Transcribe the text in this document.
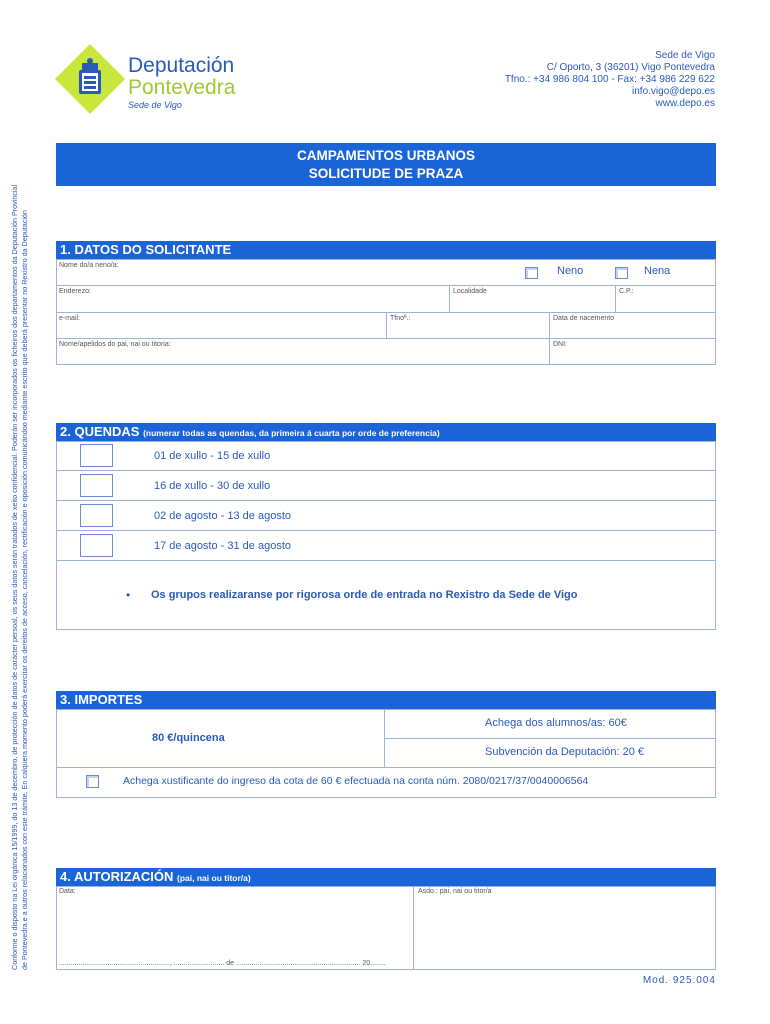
Conforme o disposto na Lei orgánica 15/1999, do 13 de decembro, de protección de datos de carácter persoal, os seus datos serán tratados de xeito confidencial. Poderán ser incorporados os ficheiros dos departamentos da Deputación Provincial de Pontevedra e a outros relacionados con este trámite. En calquera momento poderá exercitar os dereitos de acceso, cancelación, rectificación e oposición comunicándoo mediante escrito que deberá presentar no Rexistro da Deputación
Deputación
Pontevedra
Sede de Vigo
Sede de Vigo
C/ Oporto, 3 (36201) Vigo Pontevedra
Tfno.: +34 986 804 100 - Fax: +34 986 229 622
info.vigo@depo.es
www.depo.es
CAMPAMENTOS URBANOS
SOLICITUDE DE PRAZA
1. DATOS DO SOLICITANTE
Nome do/a neno/a:	Neno	Nena
Enderezo:	Localidade	C.P.:
e-mail:	Tfnoª.:	Data de nacemento
Nome/apelidos do pai, nai ou titoria:	DNI:
2. QUENDAS (numerar todas as quendas, da primeira á cuarta por orde de preferencia)
01 de xullo - 15 de xullo
16 de xullo - 30 de xullo
02 de agosto - 13 de agosto
17 de agosto - 31 de agosto
• Os grupos realizaranse por rigorosa orde de entrada no Rexistro da Sede de Vigo
3. IMPORTES
80 €/quincena
Achega dos alumnos/as: 60€
Subvención da Deputación: 20 €
Achega xustificante do ingreso da cota de 60 € efectuada na conta núm. 2080/0217/37/0040006564
4. AUTORIZACIÓN (pai, nai ou titor/a)
Data:	Asdo.: pai, nai ou titor/a
........................................................., .......................... de ................................................................ 20........
Mod. 925.004
